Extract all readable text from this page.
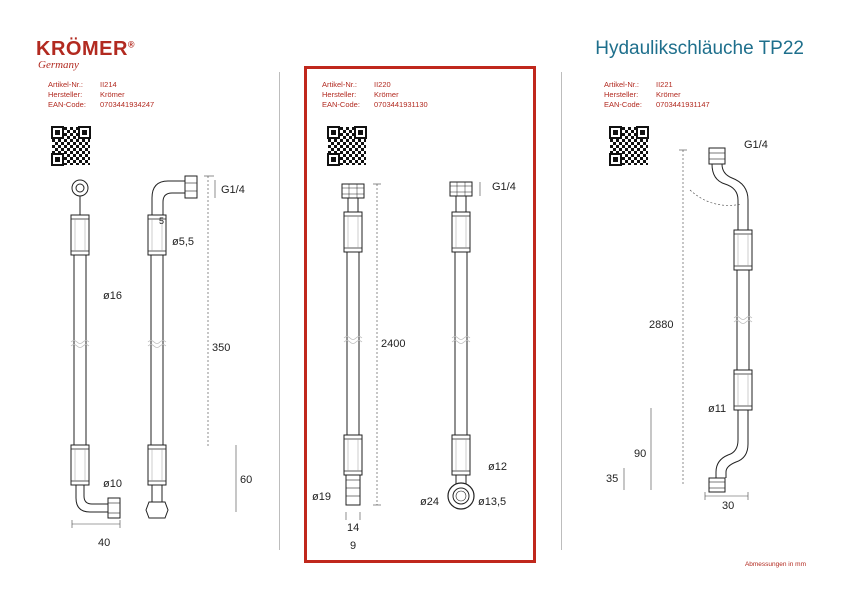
KRÖMER®
Germany
Hydaulikschläuche TP22
Artikel-Nr.:	II214
Hersteller:	Krömer
EAN-Code:	0703441934247
Artikel-Nr.:	II220
Hersteller:	Krömer
EAN-Code:	0703441931130
Artikel-Nr.:	II221
Hersteller:	Krömer
EAN-Code:	0703441931147
Abmessungen in mm
G1/4
5
ø5,5
ø16
350
ø10	60
40
G1/4
2400
ø19
ø12
ø24	ø13,5
14
9
G1/4
2880
ø11
90
35
30
